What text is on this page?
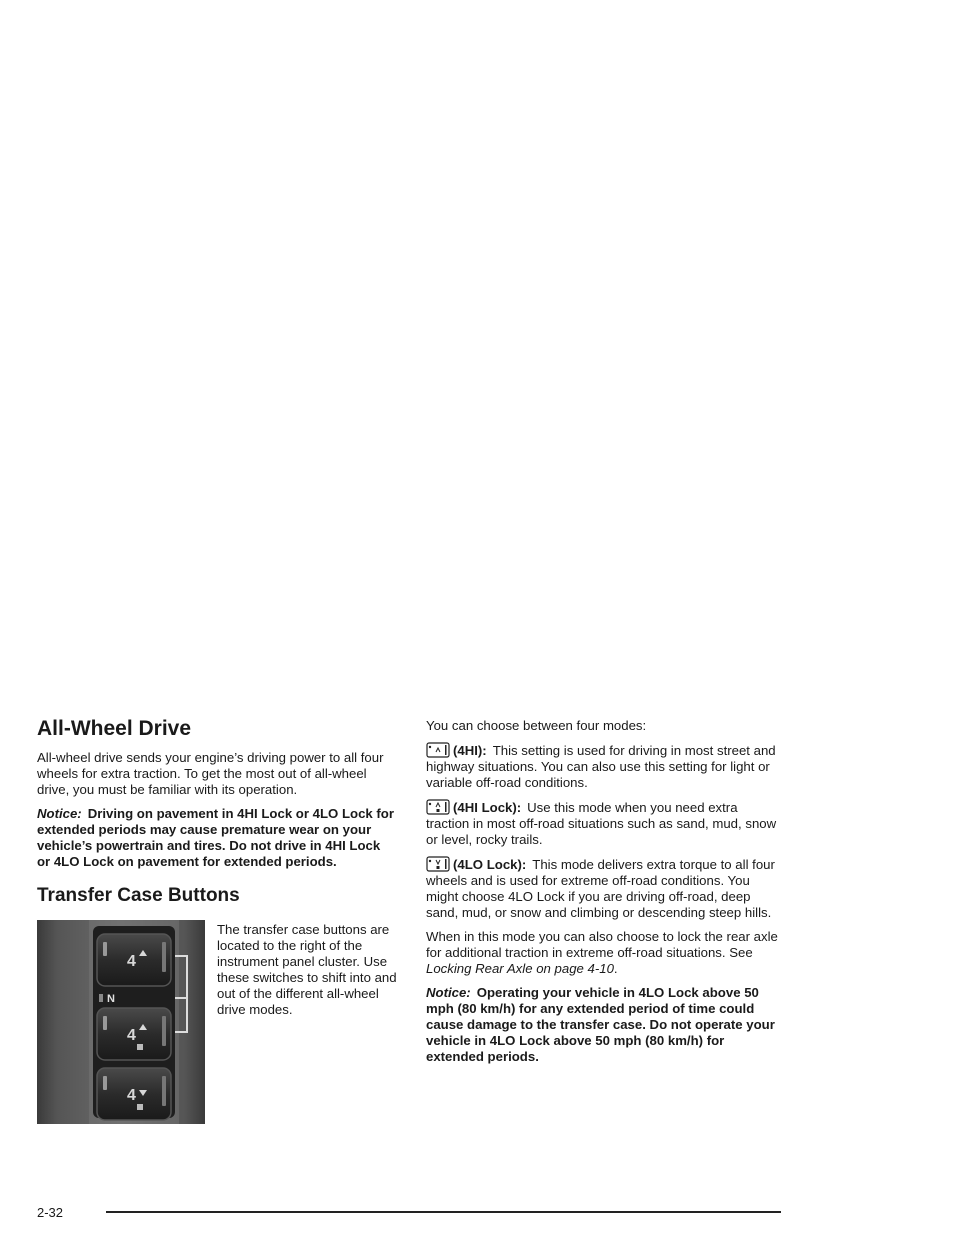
All-Wheel Drive

All-wheel drive sends your engine’s driving power to all four wheels for extra traction. To get the most out of all-wheel drive, you must be familiar with its operation.

Notice: Driving on pavement in 4HI Lock or 4LO Lock for extended periods may cause premature wear on your vehicle’s powertrain and tires. Do not drive in 4HI Lock or 4LO Lock on pavement for extended periods.

Transfer Case Buttons
4
N
4
4

The transfer case buttons are located to the right of the instrument panel cluster. Use these switches to shift into and out of the different all-wheel drive modes.

You can choose between four modes:

(4HI): This setting is used for driving in most street and highway situations. You can also use this setting for light or variable off-road conditions.

(4HI Lock): Use this mode when you need extra traction in most off-road situations such as sand, mud, snow or level, rocky trails.

(4LO Lock): This mode delivers extra torque to all four wheels and is used for extreme off-road conditions. You might choose 4LO Lock if you are driving off-road, deep sand, mud, or snow and climbing or descending steep hills.

When in this mode you can also choose to lock the rear axle for additional traction in extreme off-road situations. See Locking Rear Axle on page 4-10.

Notice: Operating your vehicle in 4LO Lock above 50 mph (80 km/h) for any extended period of time could cause damage to the transfer case. Do not operate your vehicle in 4LO Lock above 50 mph (80 km/h) for extended periods.

2-32
